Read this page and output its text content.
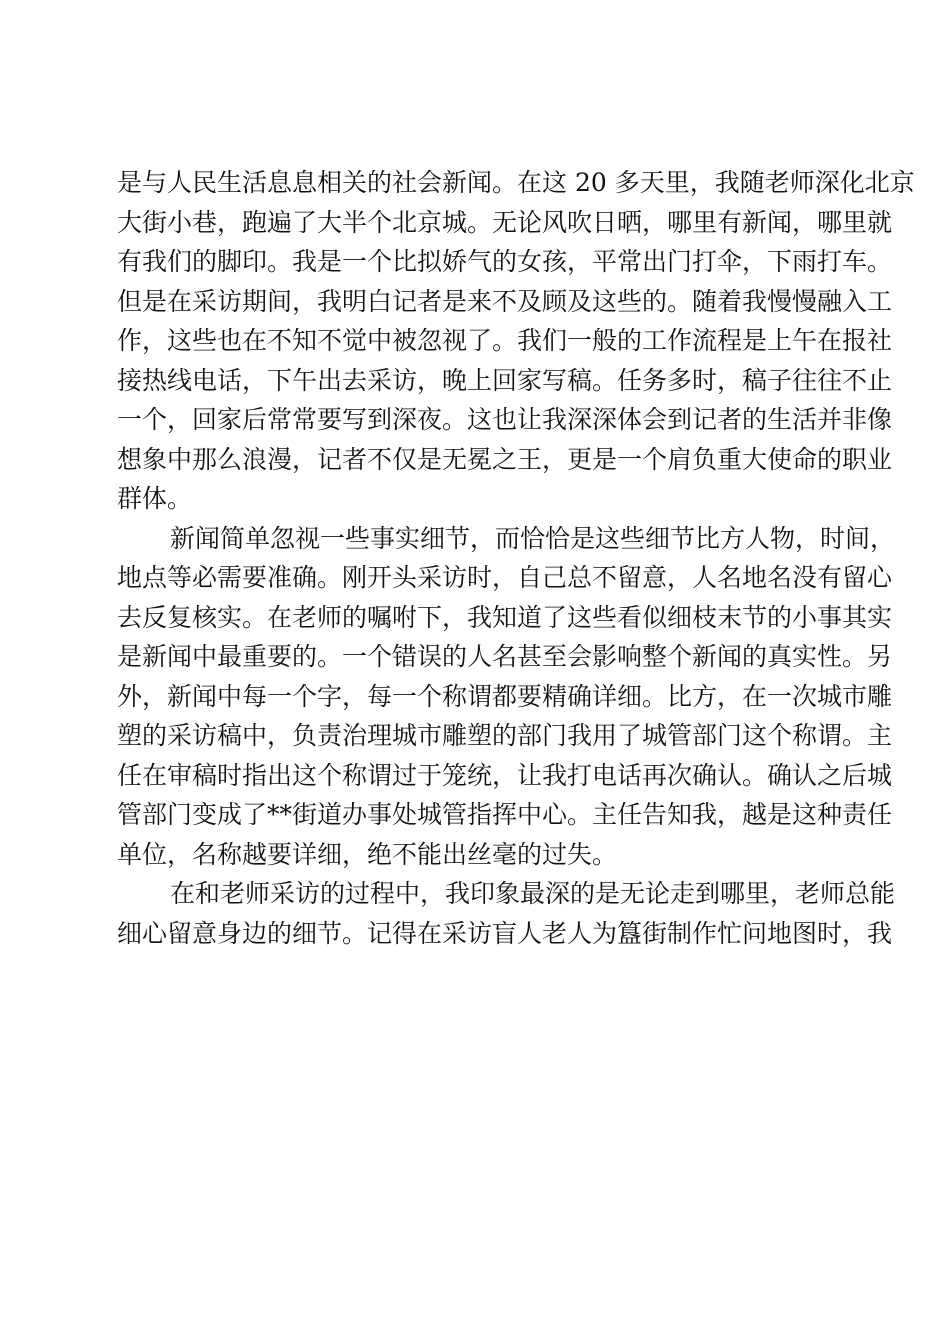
是与人民生活息息相关的社会新闻。在这 20 多天里，我随老师深化北京
大街小巷，跑遍了大半个北京城。无论风吹日晒，哪里有新闻，哪里就
有我们的脚印。我是一个比拟娇气的女孩，平常出门打伞，下雨打车。
但是在采访期间，我明白记者是来不及顾及这些的。随着我慢慢融入工
作，这些也在不知不觉中被忽视了。我们一般的工作流程是上午在报社
接热线电话，下午出去采访，晚上回家写稿。任务多时，稿子往往不止
一个，回家后常常要写到深夜。这也让我深深体会到记者的生活并非像
想象中那么浪漫，记者不仅是无冕之王，更是一个肩负重大使命的职业
群体。
新闻简单忽视一些事实细节，而恰恰是这些细节比方人物，时间，
地点等必需要准确。刚开头采访时，自己总不留意，人名地名没有留心
去反复核实。在老师的嘱咐下，我知道了这些看似细枝末节的小事其实
是新闻中最重要的。一个错误的人名甚至会影响整个新闻的真实性。另
外，新闻中每一个字，每一个称谓都要精确详细。比方，在一次城市雕
塑的采访稿中，负责治理城市雕塑的部门我用了城管部门这个称谓。主
任在审稿时指出这个称谓过于笼统，让我打电话再次确认。确认之后城
管部门变成了**街道办事处城管指挥中心。主任告知我，越是这种责任
单位，名称越要详细，绝不能出丝毫的过失。
在和老师采访的过程中，我印象最深的是无论走到哪里，老师总能
细心留意身边的细节。记得在采访盲人老人为簋街制作忙问地图时，我
